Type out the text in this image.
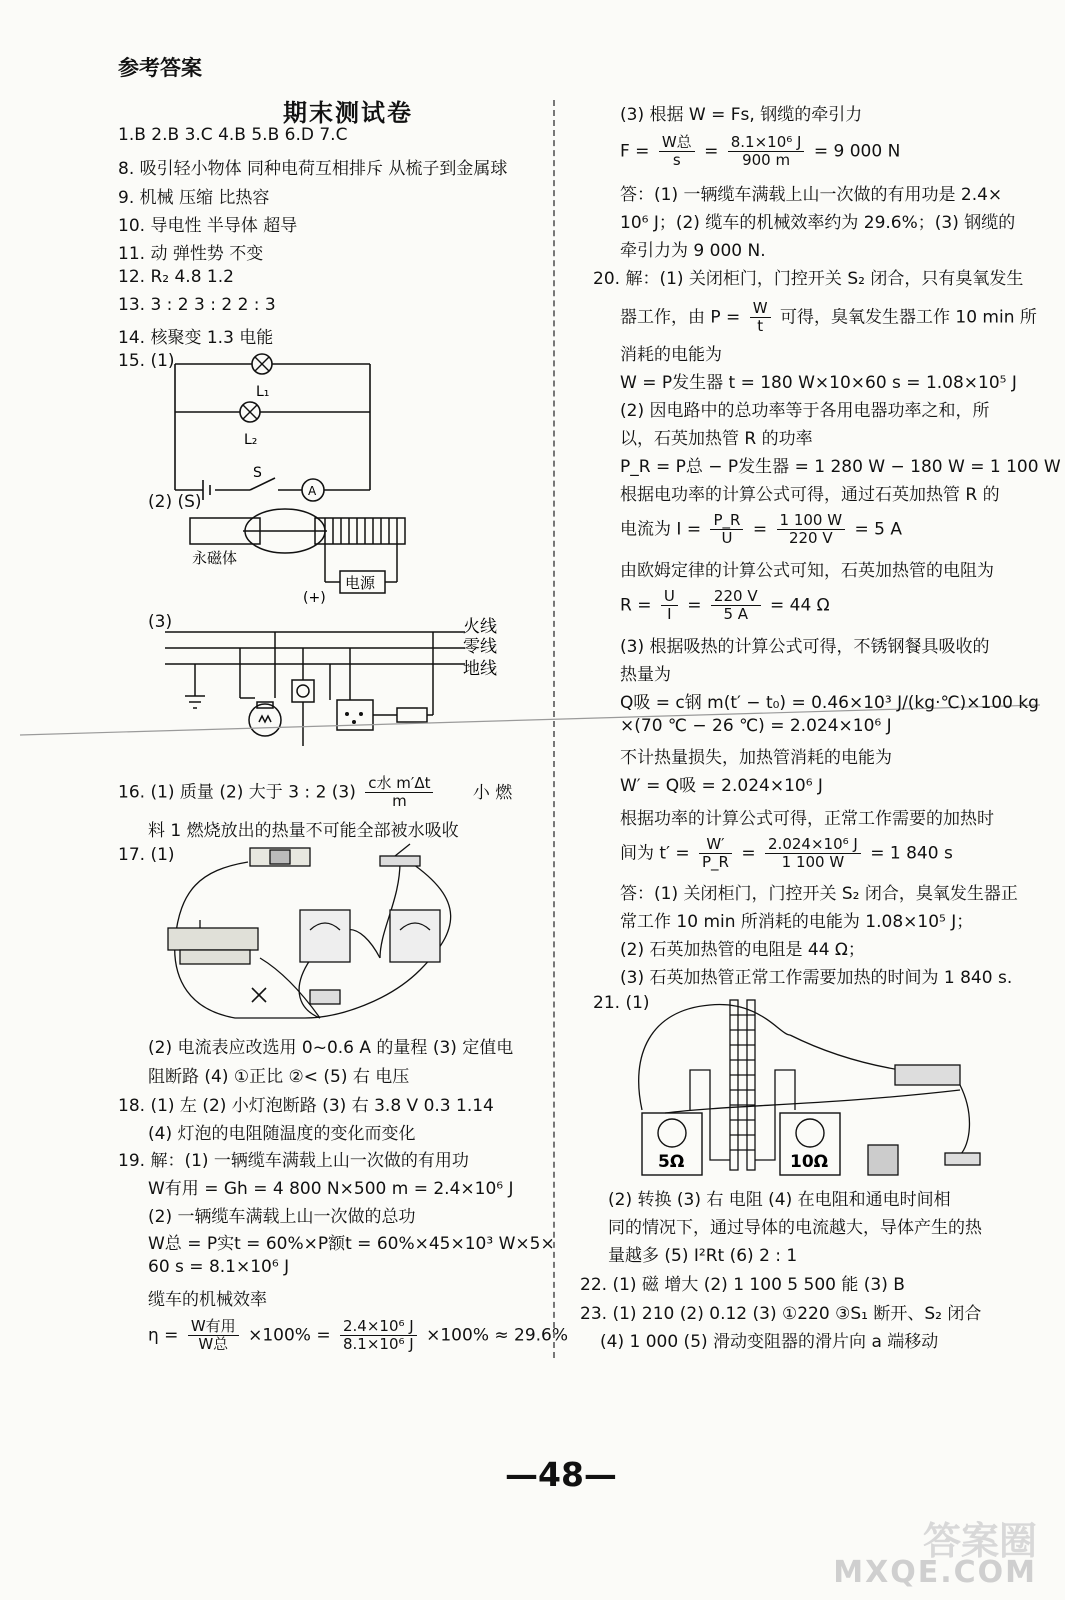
参考答案
期末测试卷
1.B 2.B 3.C 4.B 5.B 6.D 7.C
8. 吸引轻小物体 同种电荷互相排斥 从梳子到金属球
9. 机械 压缩 比热容
10. 导电性 半导体 超导
11. 动 弹性势 不变
12. R₂ 4.8 1.2
13. 3 : 2 3 : 2 2 : 3
14. 核聚变 1.3 电能
15. (1)
L₁
L₂
S
A
(2) (S)
永磁体
电源
(+)
(3)	火线
零线
地线
16. (1) 质量 (2) 大于 3 : 2 $(3) \frac{\text{c水 m′Δt}}{m}$ 小 燃
料 1 燃烧放出的热量不可能全部被水吸收
17. (1)
(2) 电流表应改选用 0~0.6 A 的量程 (3) 定值电
阻断路 (4) ①正比 ②< (5) 右 电压
18. (1) 左 (2) 小灯泡断路 (3) 右 3.8 V 0.3 1.14
(4) 灯泡的电阻随温度的变化而变化
19. 解：(1) 一辆缆车满载上山一次做的有用功
W有用 = Gh = 4 800 N×500 m = 2.4×10⁶ J
(2) 一辆缆车满载上山一次做的总功
W总 = P实t = 60%×P额t = 60%×45×10³ W×5×
60 s = 8.1×10⁶ J
缆车的机械效率
$\eta = \frac{\text{W有用}}{\text{W总}} \times 100\% = \frac{\text{2.4×10⁶ J}}{\text{8.1×10⁶ J}} \times 100\% \approx 29.6\%$
(3) 根据 W = Fs, 钢缆的牵引力
$F = \frac{\text{W总}}{s} = \frac{\text{8.1×10⁶ J}}{900 m} = 9$ 000 N
答：(1) 一辆缆车满载上山一次做的有用功是 2.4×
10⁶ J；(2) 缆车的机械效率约为 29.6%；(3) 钢缆的
牵引力为 9 000 N.
20. 解：(1) 关闭柜门，门控开关 S₂ 闭合，只有臭氧发生
器工作，由 $P = \frac{W}{t}$ 可得，臭氧发生器工作 10 min 所
消耗的电能为
W = P发生器 t = 180 W×10×60 s = 1.08×10⁵ J
(2) 因电路中的总功率等于各用电器功率之和，所
以，石英加热管 R 的功率
P_R = P总 − P发生器 = 1 280 W − 180 W = 1 100 W
根据电功率的计算公式可得，通过石英加热管 R 的
电流为 $I = \frac{P\_R}{U} = \frac{1 100 W}{220 V} = 5$ A
由欧姆定律的计算公式可知，石英加热管的电阻为
$R = \frac{U}{I} = \frac{220 V}{5 A} = 44$ Ω
(3) 根据吸热的计算公式可得，不锈钢餐具吸收的
热量为
Q吸 = c钢 m(t′ − t₀) = 0.46×10³ J/(kg·℃)×100 kg
×(70 ℃ − 26 ℃) = 2.024×10⁶ J
不计热量损失，加热管消耗的电能为
W′ = Q吸 = 2.024×10⁶ J
根据功率的计算公式可得，正常工作需要的加热时
间为 $t' = \frac{W'}{P\_R} = \frac{\text{2.024×10⁶ J}}{1 100 W} = 1$ 840 s
答：(1) 关闭柜门，门控开关 S₂ 闭合，臭氧发生器正
常工作 10 min 所消耗的电能为 1.08×10⁵ J；
(2) 石英加热管的电阻是 44 Ω；
(3) 石英加热管正常工作需要加热的时间为 1 840 s.
21. (1)
5Ω	10Ω
(2) 转换 (3) 右 电阻 (4) 在电阻和通电时间相
同的情况下，通过导体的电流越大，导体产生的热
量越多 (5) I²Rt (6) 2 : 1
22. (1) 磁 增大 (2) 1 100 5 500 能 (3) B
23. (1) 210 (2) 0.12 (3) ①220 ③S₁ 断开、S₂ 闭合
(4) 1 000 (5) 滑动变阻器的滑片向 a 端移动
—48—
答案圈
MXQE.COM
